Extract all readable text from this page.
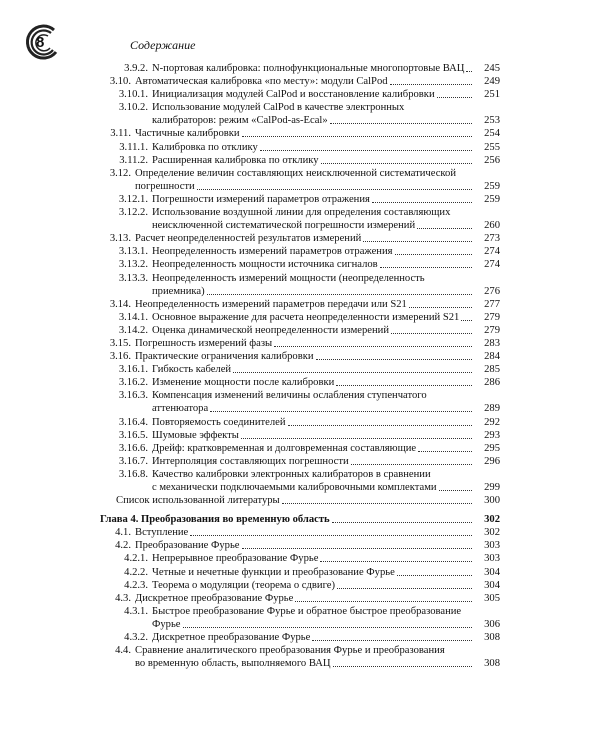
8	Содержание
3.9.2. N-портовая калибровка: полнофункциональные многопортовые ВАЦ	245
3.10. Автоматическая калибровка «по месту»: модули CalPod	249
3.10.1. Инициализация модулей CalPod и восстановление калибровки	251
3.10.2. Использование модулей CalPod в качестве электронных
калибраторов: режим «CalPod-as-Ecal»	253
3.11. Частичные калибровки	254
3.11.1. Калибровка по отклику	255
3.11.2. Расширенная калибровка по отклику	256
3.12. Определение величин составляющих неисключенной систематической
погрешности	259
3.12.1. Погрешности измерений параметров отражения	259
3.12.2. Использование воздушной линии для определения составляющих
неисключенной систематической погрешности измерений	260
3.13. Расчет неопределенностей результатов измерений	273
3.13.1. Неопределенность измерений параметров отражения	274
3.13.2. Неопределенность мощности источника сигналов	274
3.13.3. Неопределенность измерений мощности (неопределенность
приемника)	276
3.14. Неопределенность измерений параметров передачи или S21	277
3.14.1. Основное выражение для расчета неопределенности измерений S21	279
3.14.2. Оценка динамической неопределенности измерений	279
3.15. Погрешность измерений фазы	283
3.16. Практические ограничения калибровки	284
3.16.1. Гибкость кабелей	285
3.16.2. Изменение мощности после калибровки	286
3.16.3. Компенсация изменений величины ослабления ступенчатого
аттенюатора	289
3.16.4. Повторяемость соединителей	292
3.16.5. Шумовые эффекты	293
3.16.6. Дрейф: кратковременная и долговременная составляющие	295
3.16.7. Интерполяция составляющих погрешности	296
3.16.8. Качество калибровки электронных калибраторов в сравнении
с механически подключаемыми калибровочными комплектами	299
Список использованной литературы	300
Глава 4. Преобразования во временную область	302
4.1. Вступление	302
4.2. Преобразование Фурье	303
4.2.1. Непрерывное преобразование Фурье	303
4.2.2. Четные и нечетные функции и преобразование Фурье	304
4.2.3. Теорема о модуляции (теорема о сдвиге)	304
4.3. Дискретное преобразование Фурье	305
4.3.1. Быстрое преобразование Фурье и обратное быстрое преобразование
Фурье	306
4.3.2. Дискретное преобразование Фурье	308
4.4. Сравнение аналитического преобразования Фурье и преобразования
во временную область, выполняемого ВАЦ	308
